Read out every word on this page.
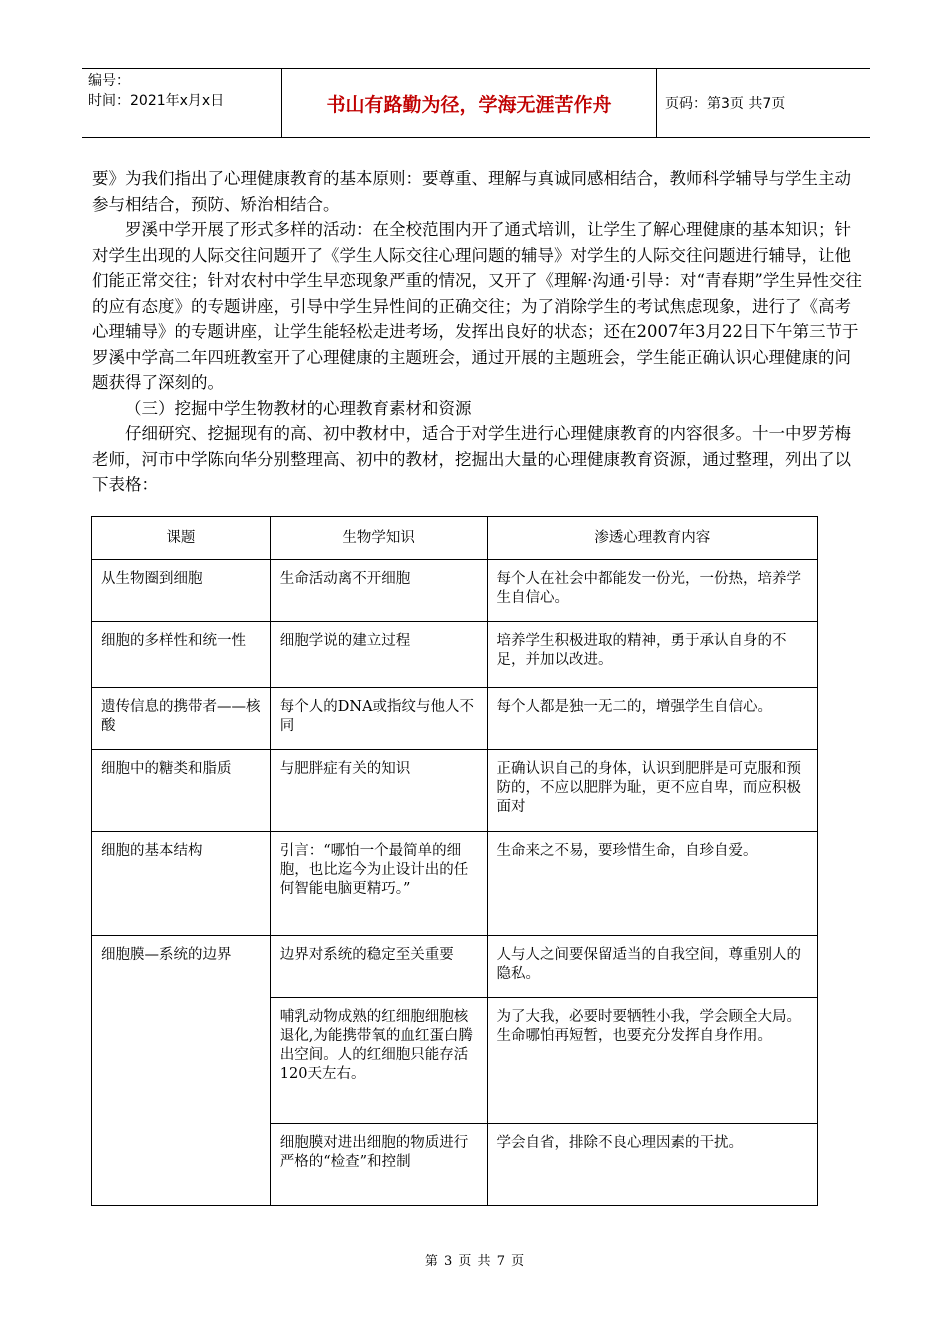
编号：
时间：2021年x月x日	书山有路勤为径，学海无涯苦作舟	页码：第3页 共7页

要》为我们指出了心理健康教育的基本原则：要尊重、理解与真诚同感相结合，教师科学辅导与学生主动参与相结合，预防、矫治相结合。

罗溪中学开展了形式多样的活动：在全校范围内开了通式培训，让学生了解心理健康的基本知识；针对学生出现的人际交往问题开了《学生人际交往心理问题的辅导》对学生的人际交往问题进行辅导，让他们能正常交往；针对农村中学生早恋现象严重的情况，又开了《理解·沟通·引导：对“青春期”学生异性交往的应有态度》的专题讲座，引导中学生异性间的正确交往；为了消除学生的考试焦虑现象，进行了《高考心理辅导》的专题讲座，让学生能轻松走进考场，发挥出良好的状态；还在2007年3月22日下午第三节于罗溪中学高二年四班教室开了心理健康的主题班会，通过开展的主题班会，学生能正确认识心理健康的问题获得了深刻的。

（三）挖掘中学生物教材的心理教育素材和资源

仔细研究、挖掘现有的高、初中教材中，适合于对学生进行心理健康教育的内容很多。十一中罗芳梅老师，河市中学陈向华分别整理高、初中的教材，挖掘出大量的心理健康教育资源，通过整理，列出了以下表格：

课题	生物学知识	渗透心理教育内容
从生物圈到细胞	生命活动离不开细胞	每个人在社会中都能发一份光，一份热，培养学生自信心。
细胞的多样性和统一性	细胞学说的建立过程	培养学生积极进取的精神，勇于承认自身的不足，并加以改进。
遗传信息的携带者——核酸	每个人的DNA或指纹与他人不同	每个人都是独一无二的，增强学生自信心。
细胞中的糖类和脂质	与肥胖症有关的知识	正确认识自己的身体，认识到肥胖是可克服和预防的，不应以肥胖为耻，更不应自卑，而应积极面对
细胞的基本结构	引言：“哪怕一个最简单的细胞，也比迄今为止设计出的任何智能电脑更精巧。”	生命来之不易，要珍惜生命，自珍自爱。
细胞膜—系统的边界	边界对系统的稳定至关重要	人与人之间要保留适当的自我空间，尊重别人的隐私。
	哺乳动物成熟的红细胞细胞核退化,为能携带氧的血红蛋白腾出空间。人的红细胞只能存活120天左右。	为了大我，必要时要牺牲小我，学会顾全大局。生命哪怕再短暂，也要充分发挥自身作用。
	细胞膜对进出细胞的物质进行严格的“检查”和控制	学会自省，排除不良心理因素的干扰。
第 3 页 共 7 页
